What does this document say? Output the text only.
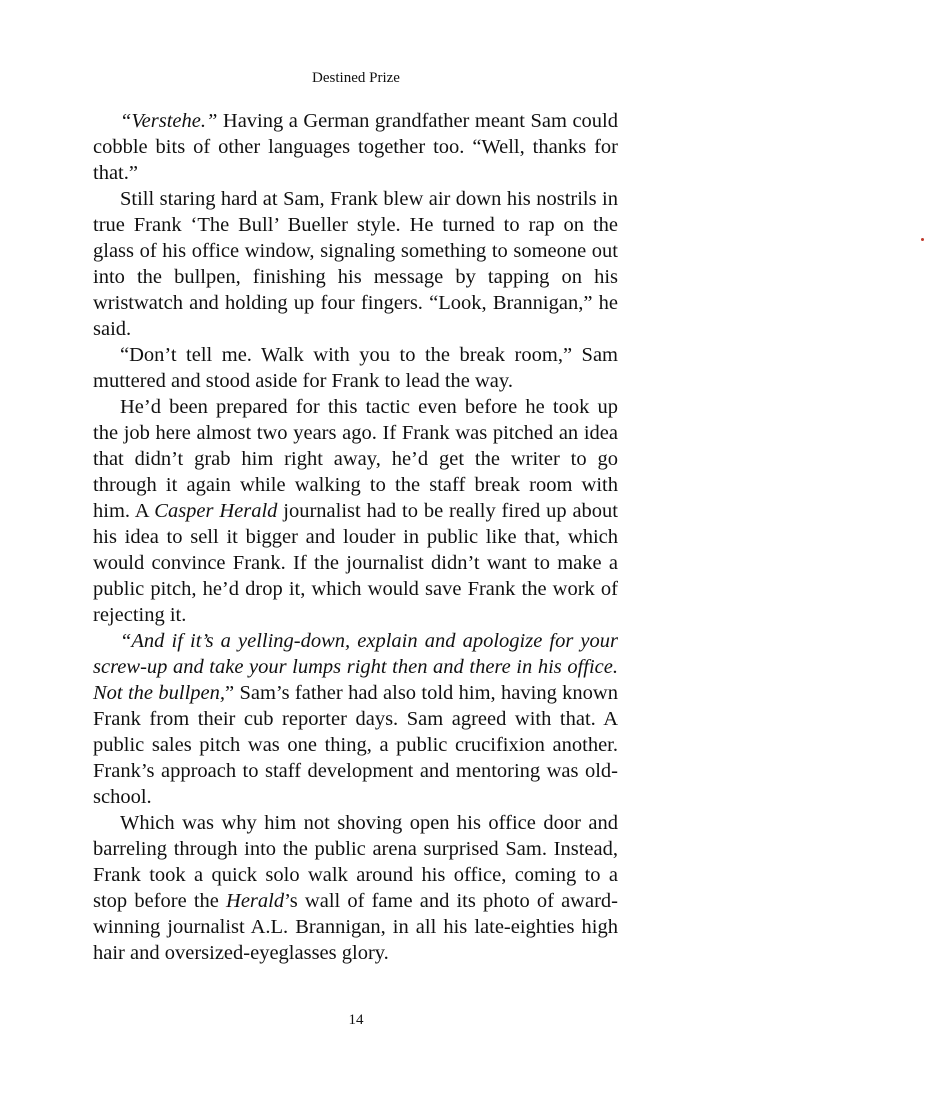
Destined Prize

“Verstehe.” Having a German grandfather meant Sam could cobble bits of other languages together too. “Well, thanks for that.”

Still staring hard at Sam, Frank blew air down his nostrils in true Frank ‘The Bull’ Bueller style. He turned to rap on the glass of his office window, signaling something to someone out into the bullpen, finishing his message by tapping on his wristwatch and holding up four fingers. “Look, Brannigan,” he said.

“Don’t tell me. Walk with you to the break room,” Sam muttered and stood aside for Frank to lead the way.

He’d been prepared for this tactic even before he took up the job here almost two years ago. If Frank was pitched an idea that didn’t grab him right away, he’d get the writer to go through it again while walking to the staff break room with him. A Casper Herald journalist had to be really fired up about his idea to sell it bigger and louder in public like that, which would convince Frank. If the journalist didn’t want to make a public pitch, he’d drop it, which would save Frank the work of rejecting it.

“And if it’s a yelling-down, explain and apologize for your screw-up and take your lumps right then and there in his office. Not the bullpen,” Sam’s father had also told him, having known Frank from their cub reporter days. Sam agreed with that. A public sales pitch was one thing, a public crucifixion another. Frank’s approach to staff development and mentoring was old-school.

Which was why him not shoving open his office door and barreling through into the public arena surprised Sam. Instead, Frank took a quick solo walk around his office, coming to a stop before the Herald’s wall of fame and its photo of award-winning journalist A.L. Brannigan, in all his late-eighties high hair and oversized-eyeglasses glory.

14
